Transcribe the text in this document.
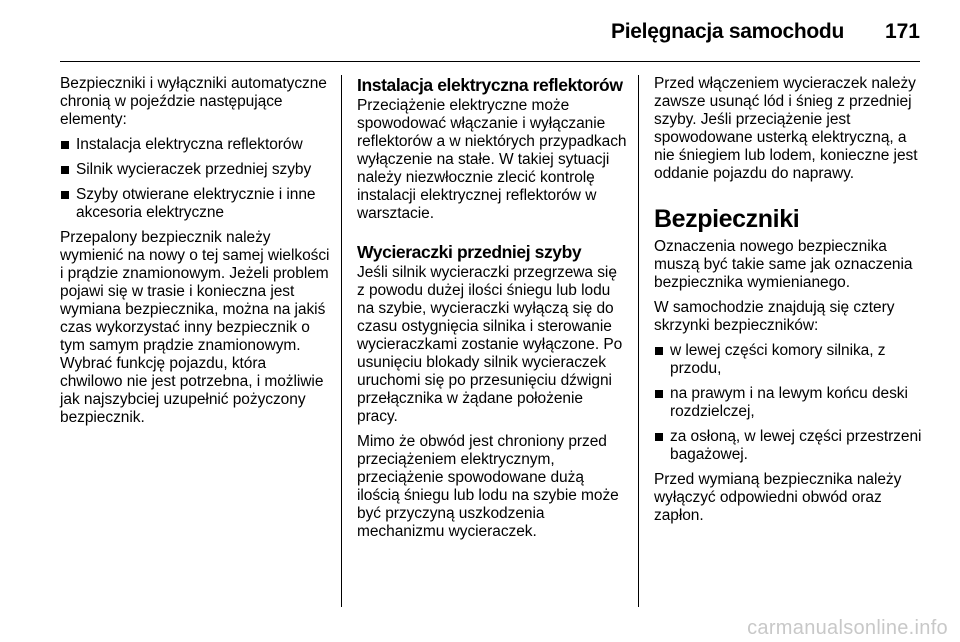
Pielęgnacja samochodu 171

Bezpieczniki i wyłączniki automatyczne chronią w pojeździe następujące elementy:

Instalacja elektryczna reflektorów
Silnik wycieraczek przedniej szyby
Szyby otwierane elektrycznie i inne akcesoria elektryczne

Przepalony bezpiecznik należy wymienić na nowy o tej samej wielkości i prądzie znamionowym. Jeżeli problem pojawi się w trasie i konieczna jest wymiana bezpiecznika, można na jakiś czas wykorzystać inny bezpiecznik o tym samym prądzie znamionowym. Wybrać funkcję pojazdu, która chwilowo nie jest potrzebna, i możliwie jak najszybciej uzupełnić pożyczony bezpiecznik.

Instalacja elektryczna reflektorów

Przeciążenie elektryczne może spowodować włączanie i wyłączanie reflektorów a w niektórych przypadkach wyłączenie na stałe. W takiej sytuacji należy niezwłocznie zlecić kontrolę instalacji elektrycznej reflektorów w warsztacie.

Wycieraczki przedniej szyby

Jeśli silnik wycieraczki przegrzewa się z powodu dużej ilości śniegu lub lodu na szybie, wycieraczki wyłączą się do czasu ostygnięcia silnika i sterowanie wycieraczkami zostanie wyłączone. Po usunięciu blokady silnik wycieraczek uruchomi się po przesunięciu dźwigni przełącznika w żądane położenie pracy.

Mimo że obwód jest chroniony przed przeciążeniem elektrycznym, przeciążenie spowodowane dużą ilością śniegu lub lodu na szybie może być przyczyną uszkodzenia mechanizmu wycieraczek.

Przed włączeniem wycieraczek należy zawsze usunąć lód i śnieg z przedniej szyby. Jeśli przeciążenie jest spowodowane usterką elektryczną, a nie śniegiem lub lodem, konieczne jest oddanie pojazdu do naprawy.

Bezpieczniki

Oznaczenia nowego bezpiecznika muszą być takie same jak oznaczenia bezpiecznika wymienianego.

W samochodzie znajdują się cztery skrzynki bezpieczników:

w lewej części komory silnika, z przodu,
na prawym i na lewym końcu deski rozdzielczej,
za osłoną, w lewej części przestrzeni bagażowej.

Przed wymianą bezpiecznika należy wyłączyć odpowiedni obwód oraz zapłon.

carmanualsonline.info
